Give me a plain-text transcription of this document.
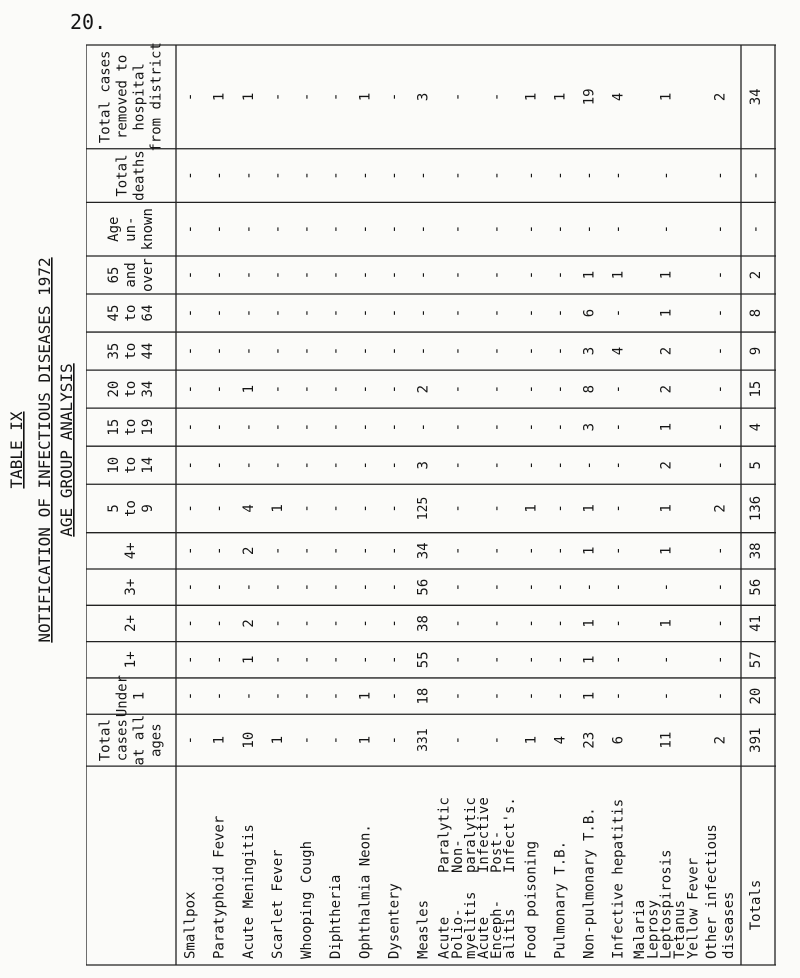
20.
TABLE IX NOTIFICATION OF INFECTIOUS DISEASES 1972 AGE GROUP ANALYSIS
Total cases at all ages
Under 1
1+
2+
3+
4+
5 to 9
10 to 14
15 to 19
20 to 34
35 to 44
45 to 64
65 and over
Age un- known
Total deaths
Total cases removed to hospital from district
Smallpox
-
-
-
-
-
-
-
-
-
-
-
-
-
-
-
-
Paratyphoid Fever
1
-
-
-
-
-
-
-
-
-
-
-
-
-
-
1
Acute Meningitis
10
-
1
2
-
2
4
-
-
1
-
-
-
-
-
1
Scarlet Fever
1
-
-
-
-
-
1
-
-
-
-
-
-
-
-
-
Whooping Cough
-
-
-
-
-
-
-
-
-
-
-
-
-
-
-
-
Diphtheria
-
-
-
-
-
-
-
-
-
-
-
-
-
-
-
-
Ophthalmia Neon.
1
1
-
-
-
-
-
-
-
-
-
-
-
-
-
1
Dysentery
-
-
-
-
-
-
-
-
-
-
-
-
-
-
-
-
Measles
331
18
55
38
56
34
125
3
-
2
-
-
-
-
-
3
Acute
Polio-
myelitis
Paralytic
Non-
paralytic
-
-
-
-
-
-
-
-
-
-
-
-
-
-
-
-
Acute
Enceph-
alitis
Infective
Post-
Infect's.
-
-
-
-
-
-
-
-
-
-
-
-
-
-
-
-
Food poisoning
1
-
-
-
-
-
1
-
-
-
-
-
-
-
-
1
Pulmonary T.B.
4
-
-
-
-
-
-
-
-
-
-
-
-
-
-
1
Non-pulmonary T.B.
23
1
1
1
-
1
1
-
3
8
3
6
1
-
-
19
Infective hepatitis
6
-
-
-
-
-
-
-
-
-
4
-
1
-
-
4
Malaria
Leprosy
Leptospirosis
Tetanus
Yellow Fever
11
-
-
1
-
1
1
2
1
2
2
1
1
-
-
1
Other infectious diseases
2
-
-
-
-
-
2
-
-
-
-
-
-
-
-
2
Totals
391
20
57
41
56
38
136
5
4
15
9
8
2
-
-
34
